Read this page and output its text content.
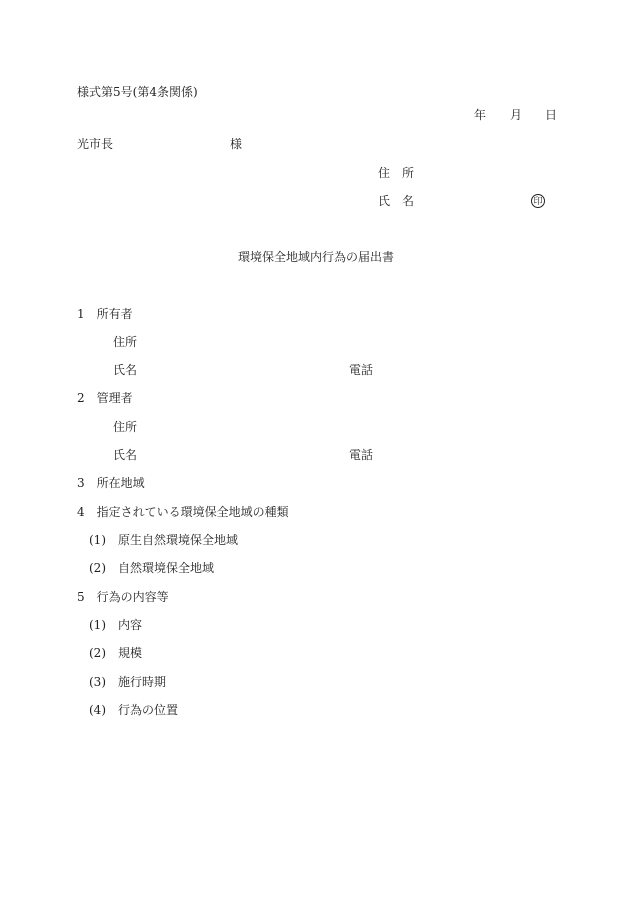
様式第5号(第4条関係)
年 月 日
光市長	様
住　所
氏　名	印
環境保全地域内行為の届出書
1　所有者
住所
氏名	電話
2　管理者
住所
氏名	電話
3　所在地域
4　指定されている環境保全地域の種類
(1)　原生自然環境保全地域
(2)　自然環境保全地域
5　行為の内容等
(1)　内容
(2)　規模
(3)　施行時期
(4)　行為の位置
